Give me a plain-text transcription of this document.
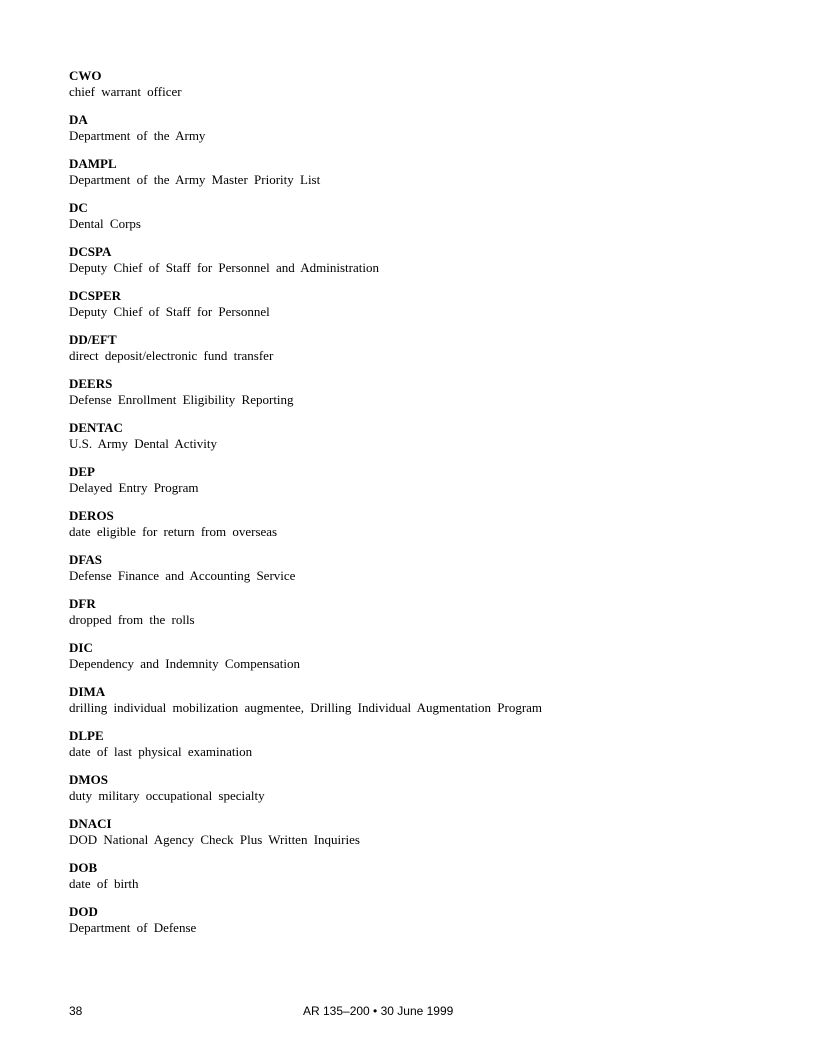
CWO
chief warrant officer
DA
Department of the Army
DAMPL
Department of the Army Master Priority List
DC
Dental Corps
DCSPA
Deputy Chief of Staff for Personnel and Administration
DCSPER
Deputy Chief of Staff for Personnel
DD/EFT
direct deposit/electronic fund transfer
DEERS
Defense Enrollment Eligibility Reporting
DENTAC
U.S. Army Dental Activity
DEP
Delayed Entry Program
DEROS
date eligible for return from overseas
DFAS
Defense Finance and Accounting Service
DFR
dropped from the rolls
DIC
Dependency and Indemnity Compensation
DIMA
drilling individual mobilization augmentee, Drilling Individual Augmentation Program
DLPE
date of last physical examination
DMOS
duty military occupational specialty
DNACI
DOD National Agency Check Plus Written Inquiries
DOB
date of birth
DOD
Department of Defense
38	AR 135–200 • 30 June 1999
